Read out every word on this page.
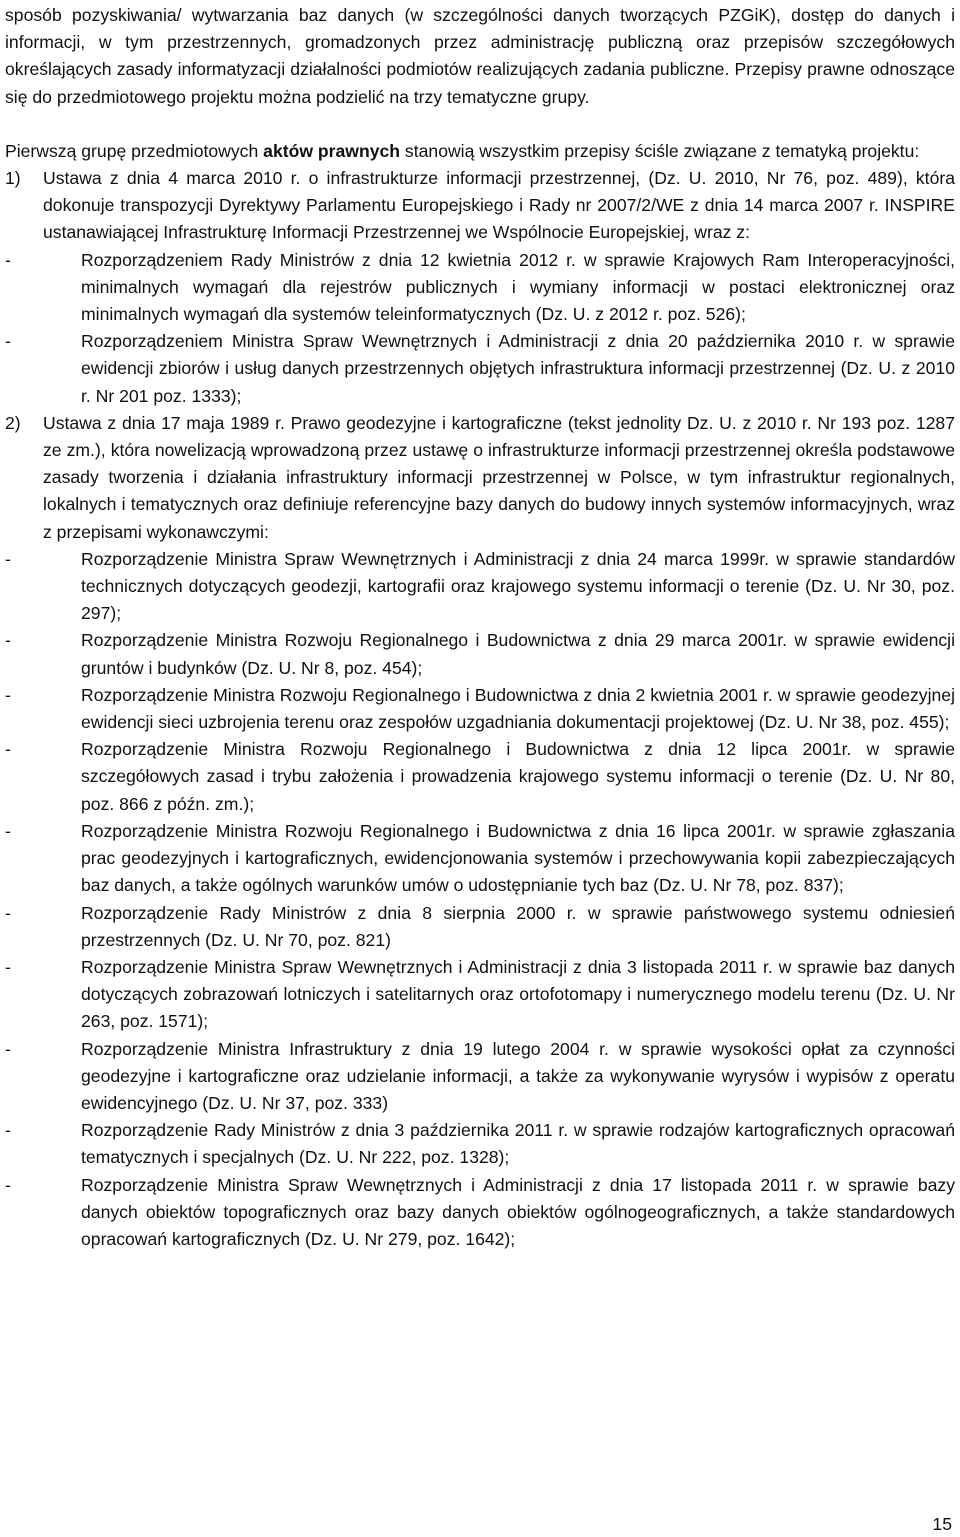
sposób pozyskiwania/ wytwarzania baz danych (w szczególności danych tworzących PZGiK), dostęp do danych i informacji, w tym przestrzennych, gromadzonych przez administrację publiczną oraz przepisów szczegółowych określających zasady informatyzacji działalności podmiotów realizujących zadania publiczne. Przepisy prawne odnoszące się do przedmiotowego projektu można podzielić na trzy tematyczne grupy.

Pierwszą grupę przedmiotowych aktów prawnych stanowią wszystkim przepisy ściśle związane z tematyką projektu:

1) Ustawa z dnia 4 marca 2010 r. o infrastrukturze informacji przestrzennej, (Dz. U. 2010, Nr 76, poz. 489), która dokonuje transpozycji Dyrektywy Parlamentu Europejskiego i Rady nr 2007/2/WE z dnia 14 marca 2007 r. INSPIRE ustanawiającej Infrastrukturę Informacji Przestrzennej we Wspólnocie Europejskiej, wraz z:
-	Rozporządzeniem Rady Ministrów z dnia 12 kwietnia 2012 r. w sprawie Krajowych Ram Interoperacyjności, minimalnych wymagań dla rejestrów publicznych i wymiany informacji w postaci elektronicznej oraz minimalnych wymagań dla systemów teleinformatycznych (Dz. U. z 2012 r. poz. 526);
-	Rozporządzeniem Ministra Spraw Wewnętrznych i Administracji z dnia 20 października 2010 r. w sprawie ewidencji zbiorów i usług danych przestrzennych objętych infrastruktura informacji przestrzennej (Dz. U. z 2010 r. Nr 201 poz. 1333);
2) Ustawa z dnia 17 maja 1989 r. Prawo geodezyjne i kartograficzne (tekst jednolity Dz. U. z 2010 r. Nr 193 poz. 1287 ze zm.), która nowelizacją wprowadzoną przez ustawę o infrastrukturze informacji przestrzennej określa podstawowe zasady tworzenia i działania infrastruktury informacji przestrzennej w Polsce, w tym infrastruktur regionalnych, lokalnych i tematycznych oraz definiuje referencyjne bazy danych do budowy innych systemów informacyjnych, wraz z przepisami wykonawczymi:
-	Rozporządzenie Ministra Spraw Wewnętrznych i Administracji z dnia 24 marca 1999r. w sprawie standardów technicznych dotyczących geodezji, kartografii oraz krajowego systemu informacji o terenie (Dz. U. Nr 30, poz. 297);
-	Rozporządzenie Ministra Rozwoju Regionalnego i Budownictwa z dnia 29 marca 2001r. w sprawie ewidencji gruntów i budynków (Dz. U. Nr 8, poz. 454);
-	Rozporządzenie Ministra Rozwoju Regionalnego i Budownictwa z dnia 2 kwietnia 2001 r. w sprawie geodezyjnej ewidencji sieci uzbrojenia terenu oraz zespołów uzgadniania dokumentacji projektowej (Dz. U. Nr 38, poz. 455);
-	Rozporządzenie Ministra Rozwoju Regionalnego i Budownictwa z dnia 12 lipca 2001r. w sprawie szczegółowych zasad i trybu założenia i prowadzenia krajowego systemu informacji o terenie (Dz. U. Nr 80, poz. 866 z późn. zm.);
-	Rozporządzenie Ministra Rozwoju Regionalnego i Budownictwa z dnia 16 lipca 2001r. w sprawie zgłaszania prac geodezyjnych i kartograficznych, ewidencjonowania systemów i przechowywania kopii zabezpieczających baz danych, a także ogólnych warunków umów o udostępnianie tych baz (Dz. U. Nr 78, poz. 837);
-	Rozporządzenie Rady Ministrów z dnia 8 sierpnia 2000 r. w sprawie państwowego systemu odniesień przestrzennych (Dz. U. Nr 70, poz. 821)
-	Rozporządzenie Ministra Spraw Wewnętrznych i Administracji z dnia 3 listopada 2011 r. w sprawie baz danych dotyczących zobrazowań lotniczych i satelitarnych oraz ortofotomapy i numerycznego modelu terenu (Dz. U. Nr 263, poz. 1571);
-	Rozporządzenie Ministra Infrastruktury z dnia 19 lutego 2004 r. w sprawie wysokości opłat za czynności geodezyjne i kartograficzne oraz udzielanie informacji, a także za wykonywanie wyrysów i wypisów z operatu ewidencyjnego (Dz. U. Nr 37, poz. 333)
-	Rozporządzenie Rady Ministrów z dnia 3 października 2011 r. w sprawie rodzajów kartograficznych opracowań tematycznych i specjalnych (Dz. U. Nr 222, poz. 1328);
-	Rozporządzenie Ministra Spraw Wewnętrznych i Administracji z dnia 17 listopada 2011 r. w sprawie bazy danych obiektów topograficznych oraz bazy danych obiektów ogólnogeograficznych, a także standardowych opracowań kartograficznych (Dz. U. Nr 279, poz. 1642);
15
